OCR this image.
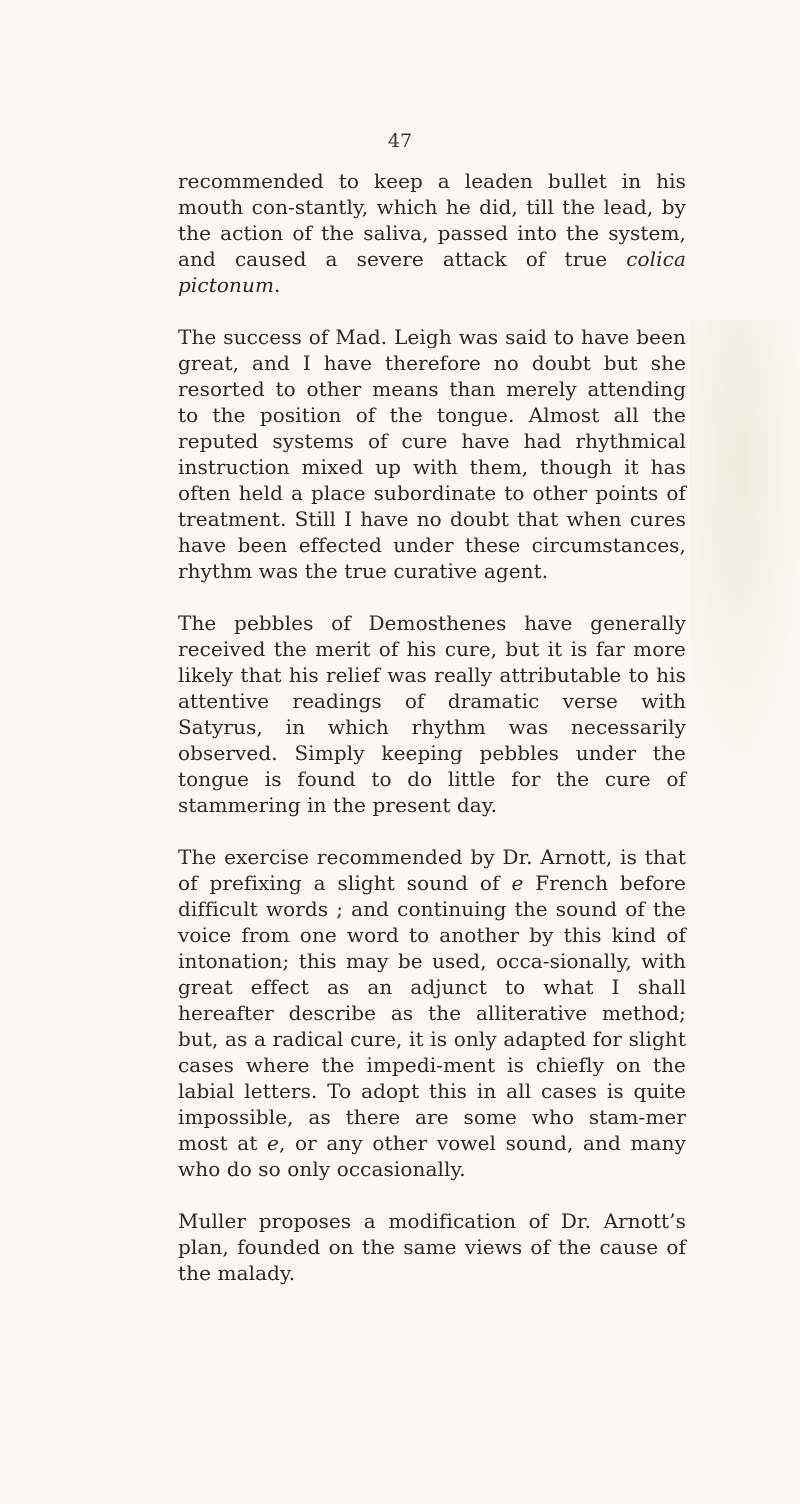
47

recommended to keep a leaden bullet in his mouth con-stantly, which he did, till the lead, by the action of the saliva, passed into the system, and caused a severe attack of true colica pictonum.

The success of Mad. Leigh was said to have been great, and I have therefore no doubt but she resorted to other means than merely attending to the position of the tongue. Almost all the reputed systems of cure have had rhythmical instruction mixed up with them, though it has often held a place subordinate to other points of treatment. Still I have no doubt that when cures have been effected under these circumstances, rhythm was the true curative agent.

The pebbles of Demosthenes have generally received the merit of his cure, but it is far more likely that his relief was really attributable to his attentive readings of dramatic verse with Satyrus, in which rhythm was necessarily observed. Simply keeping pebbles under the tongue is found to do little for the cure of stammering in the present day.

The exercise recommended by Dr. Arnott, is that of prefixing a slight sound of e French before difficult words ; and continuing the sound of the voice from one word to another by this kind of intonation; this may be used, occa-sionally, with great effect as an adjunct to what I shall hereafter describe as the alliterative method; but, as a radical cure, it is only adapted for slight cases where the impedi-ment is chiefly on the labial letters. To adopt this in all cases is quite impossible, as there are some who stam-mer most at e, or any other vowel sound, and many who do so only occasionally.

Muller proposes a modification of Dr. Arnott’s plan, founded on the same views of the cause of the malady.
